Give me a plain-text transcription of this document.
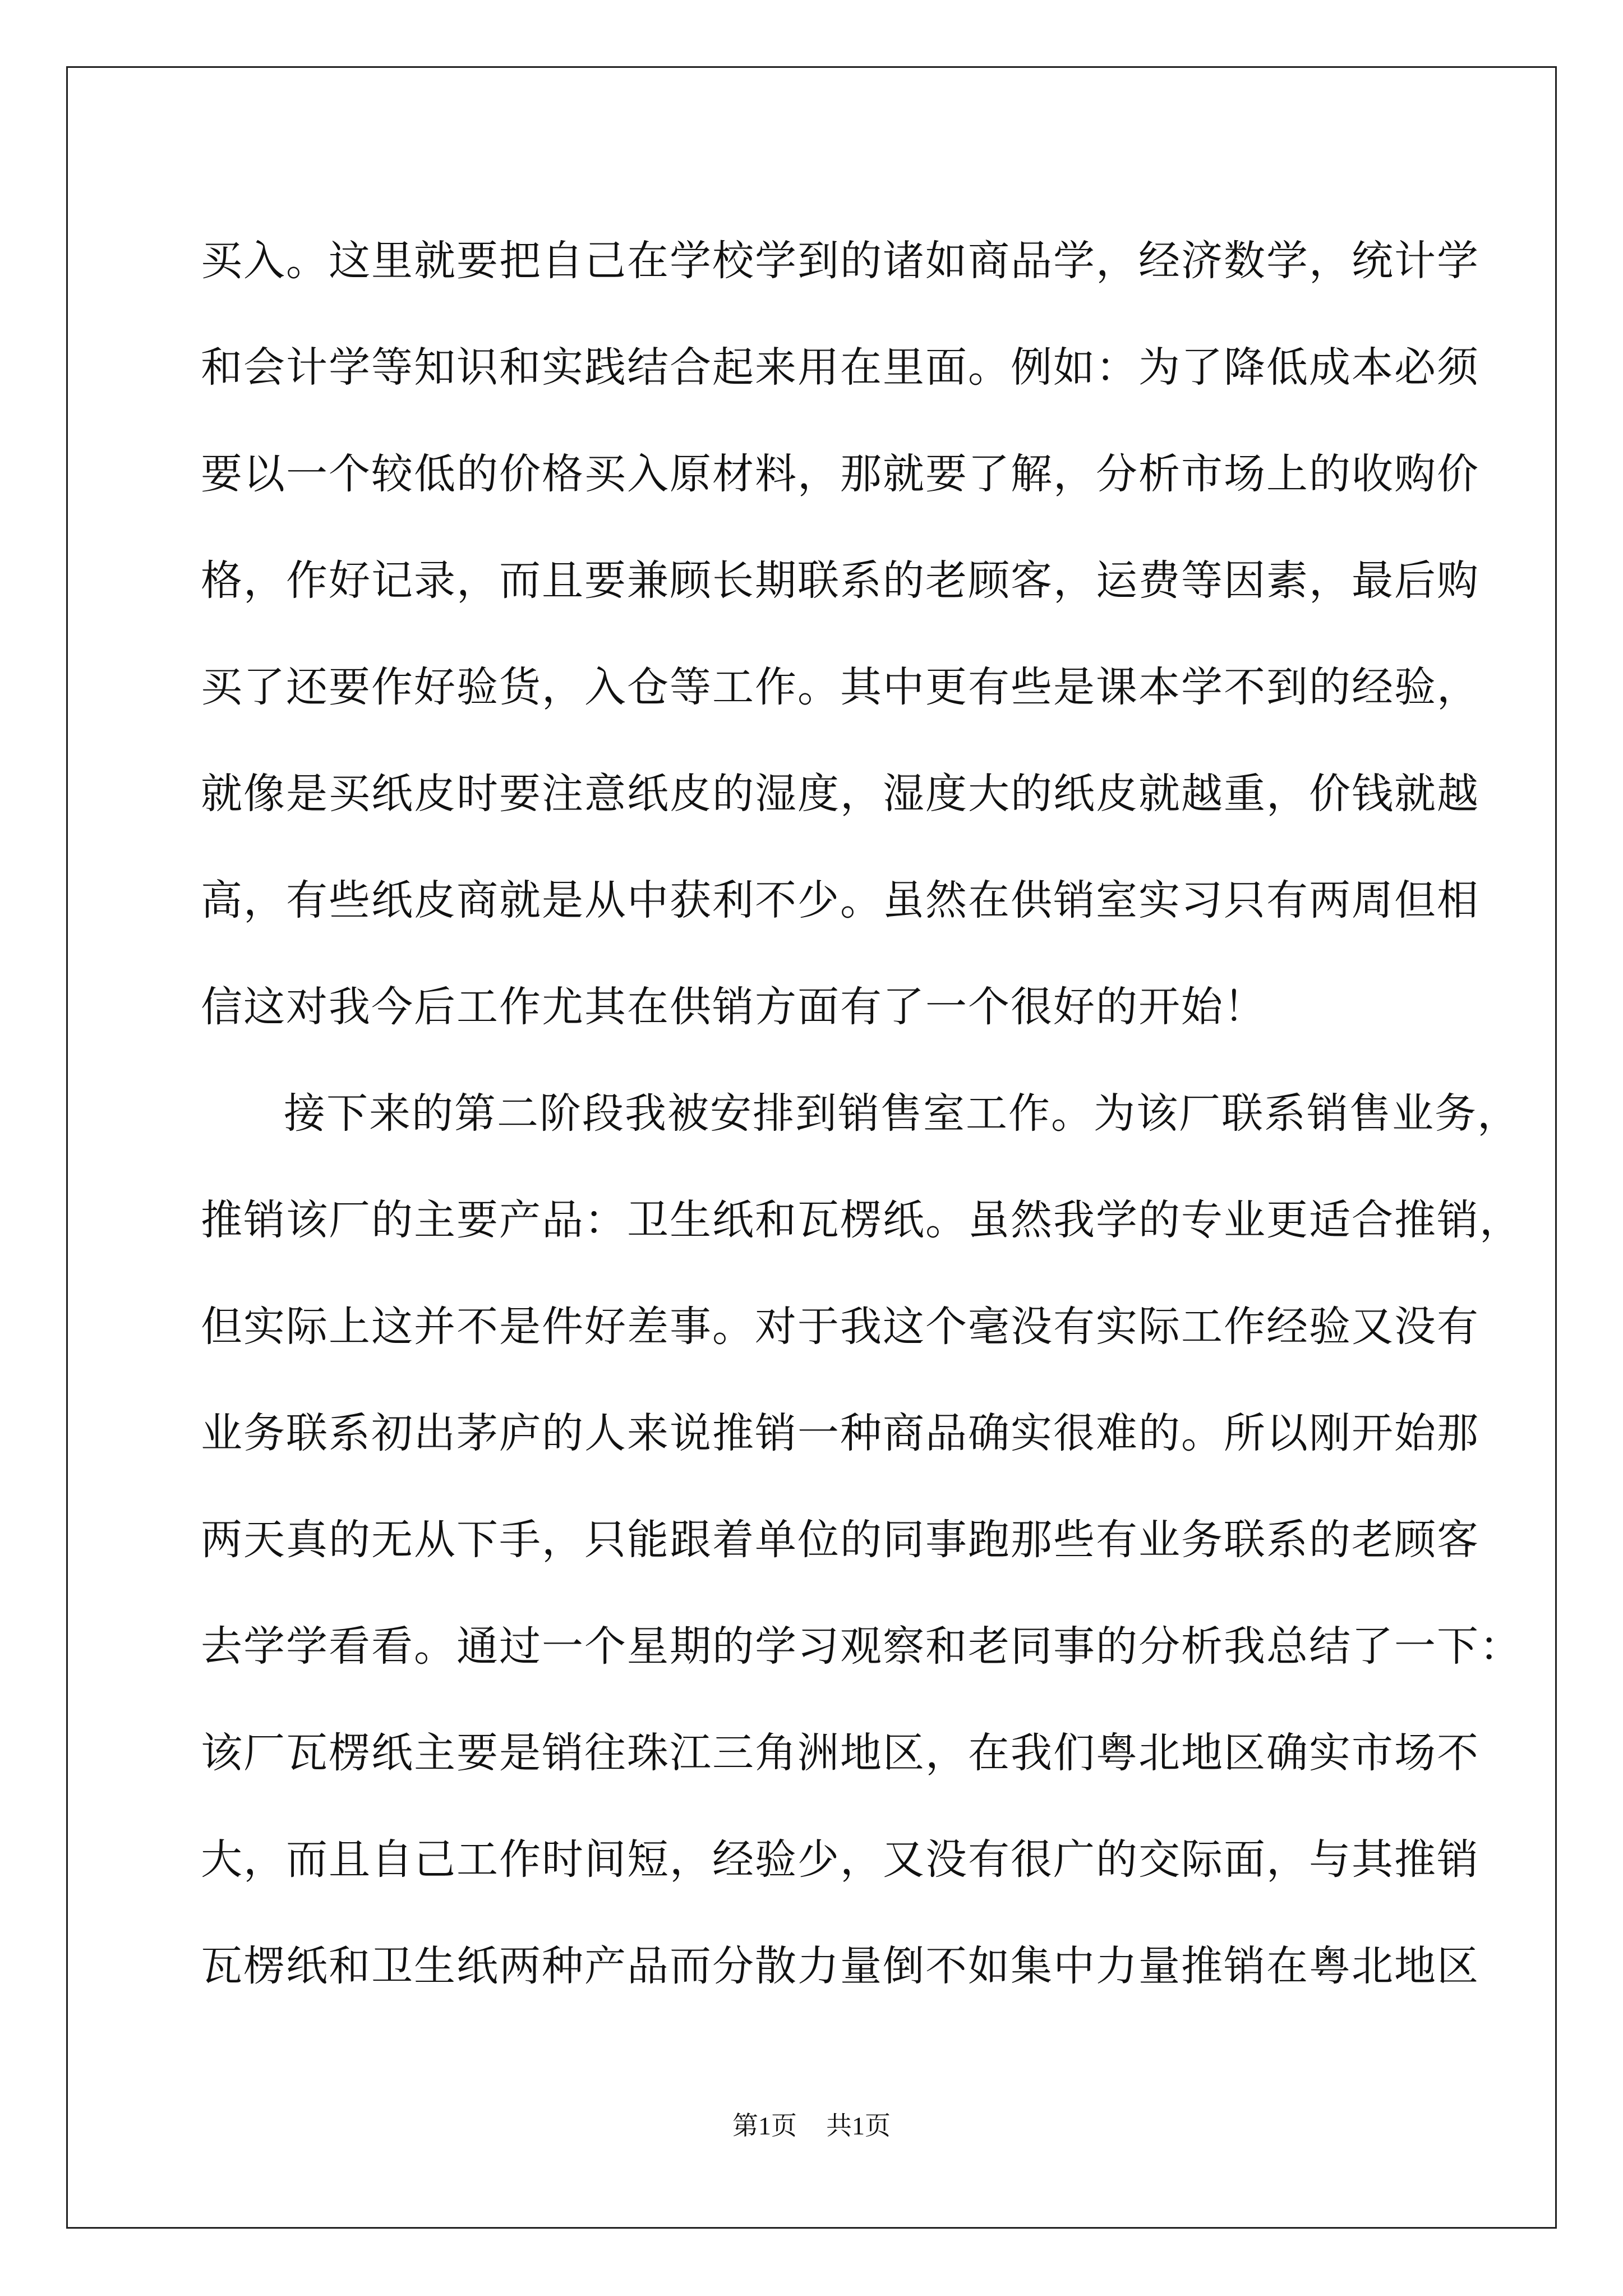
买入。这里就要把自己在学校学到的诸如商品学，经济数学，统计学
和会计学等知识和实践结合起来用在里面。例如：为了降低成本必须
要以一个较低的价格买入原材料，那就要了解，分析市场上的收购价
格，作好记录，而且要兼顾长期联系的老顾客，运费等因素，最后购
买了还要作好验货，入仓等工作。其中更有些是课本学不到的经验，
就像是买纸皮时要注意纸皮的湿度，湿度大的纸皮就越重，价钱就越
高，有些纸皮商就是从中获利不少。虽然在供销室实习只有两周但相
信这对我今后工作尤其在供销方面有了一个很好的开始！
接下来的第二阶段我被安排到销售室工作。为该厂联系销售业务，
推销该厂的主要产品：卫生纸和瓦楞纸。虽然我学的专业更适合推销，
但实际上这并不是件好差事。对于我这个毫没有实际工作经验又没有
业务联系初出茅庐的人来说推销一种商品确实很难的。所以刚开始那
两天真的无从下手，只能跟着单位的同事跑那些有业务联系的老顾客
去学学看看。通过一个星期的学习观察和老同事的分析我总结了一下：
该厂瓦楞纸主要是销往珠江三角洲地区，在我们粤北地区确实市场不
大，而且自己工作时间短，经验少，又没有很广的交际面，与其推销
瓦楞纸和卫生纸两种产品而分散力量倒不如集中力量推销在粤北地区
第1页 共1页
